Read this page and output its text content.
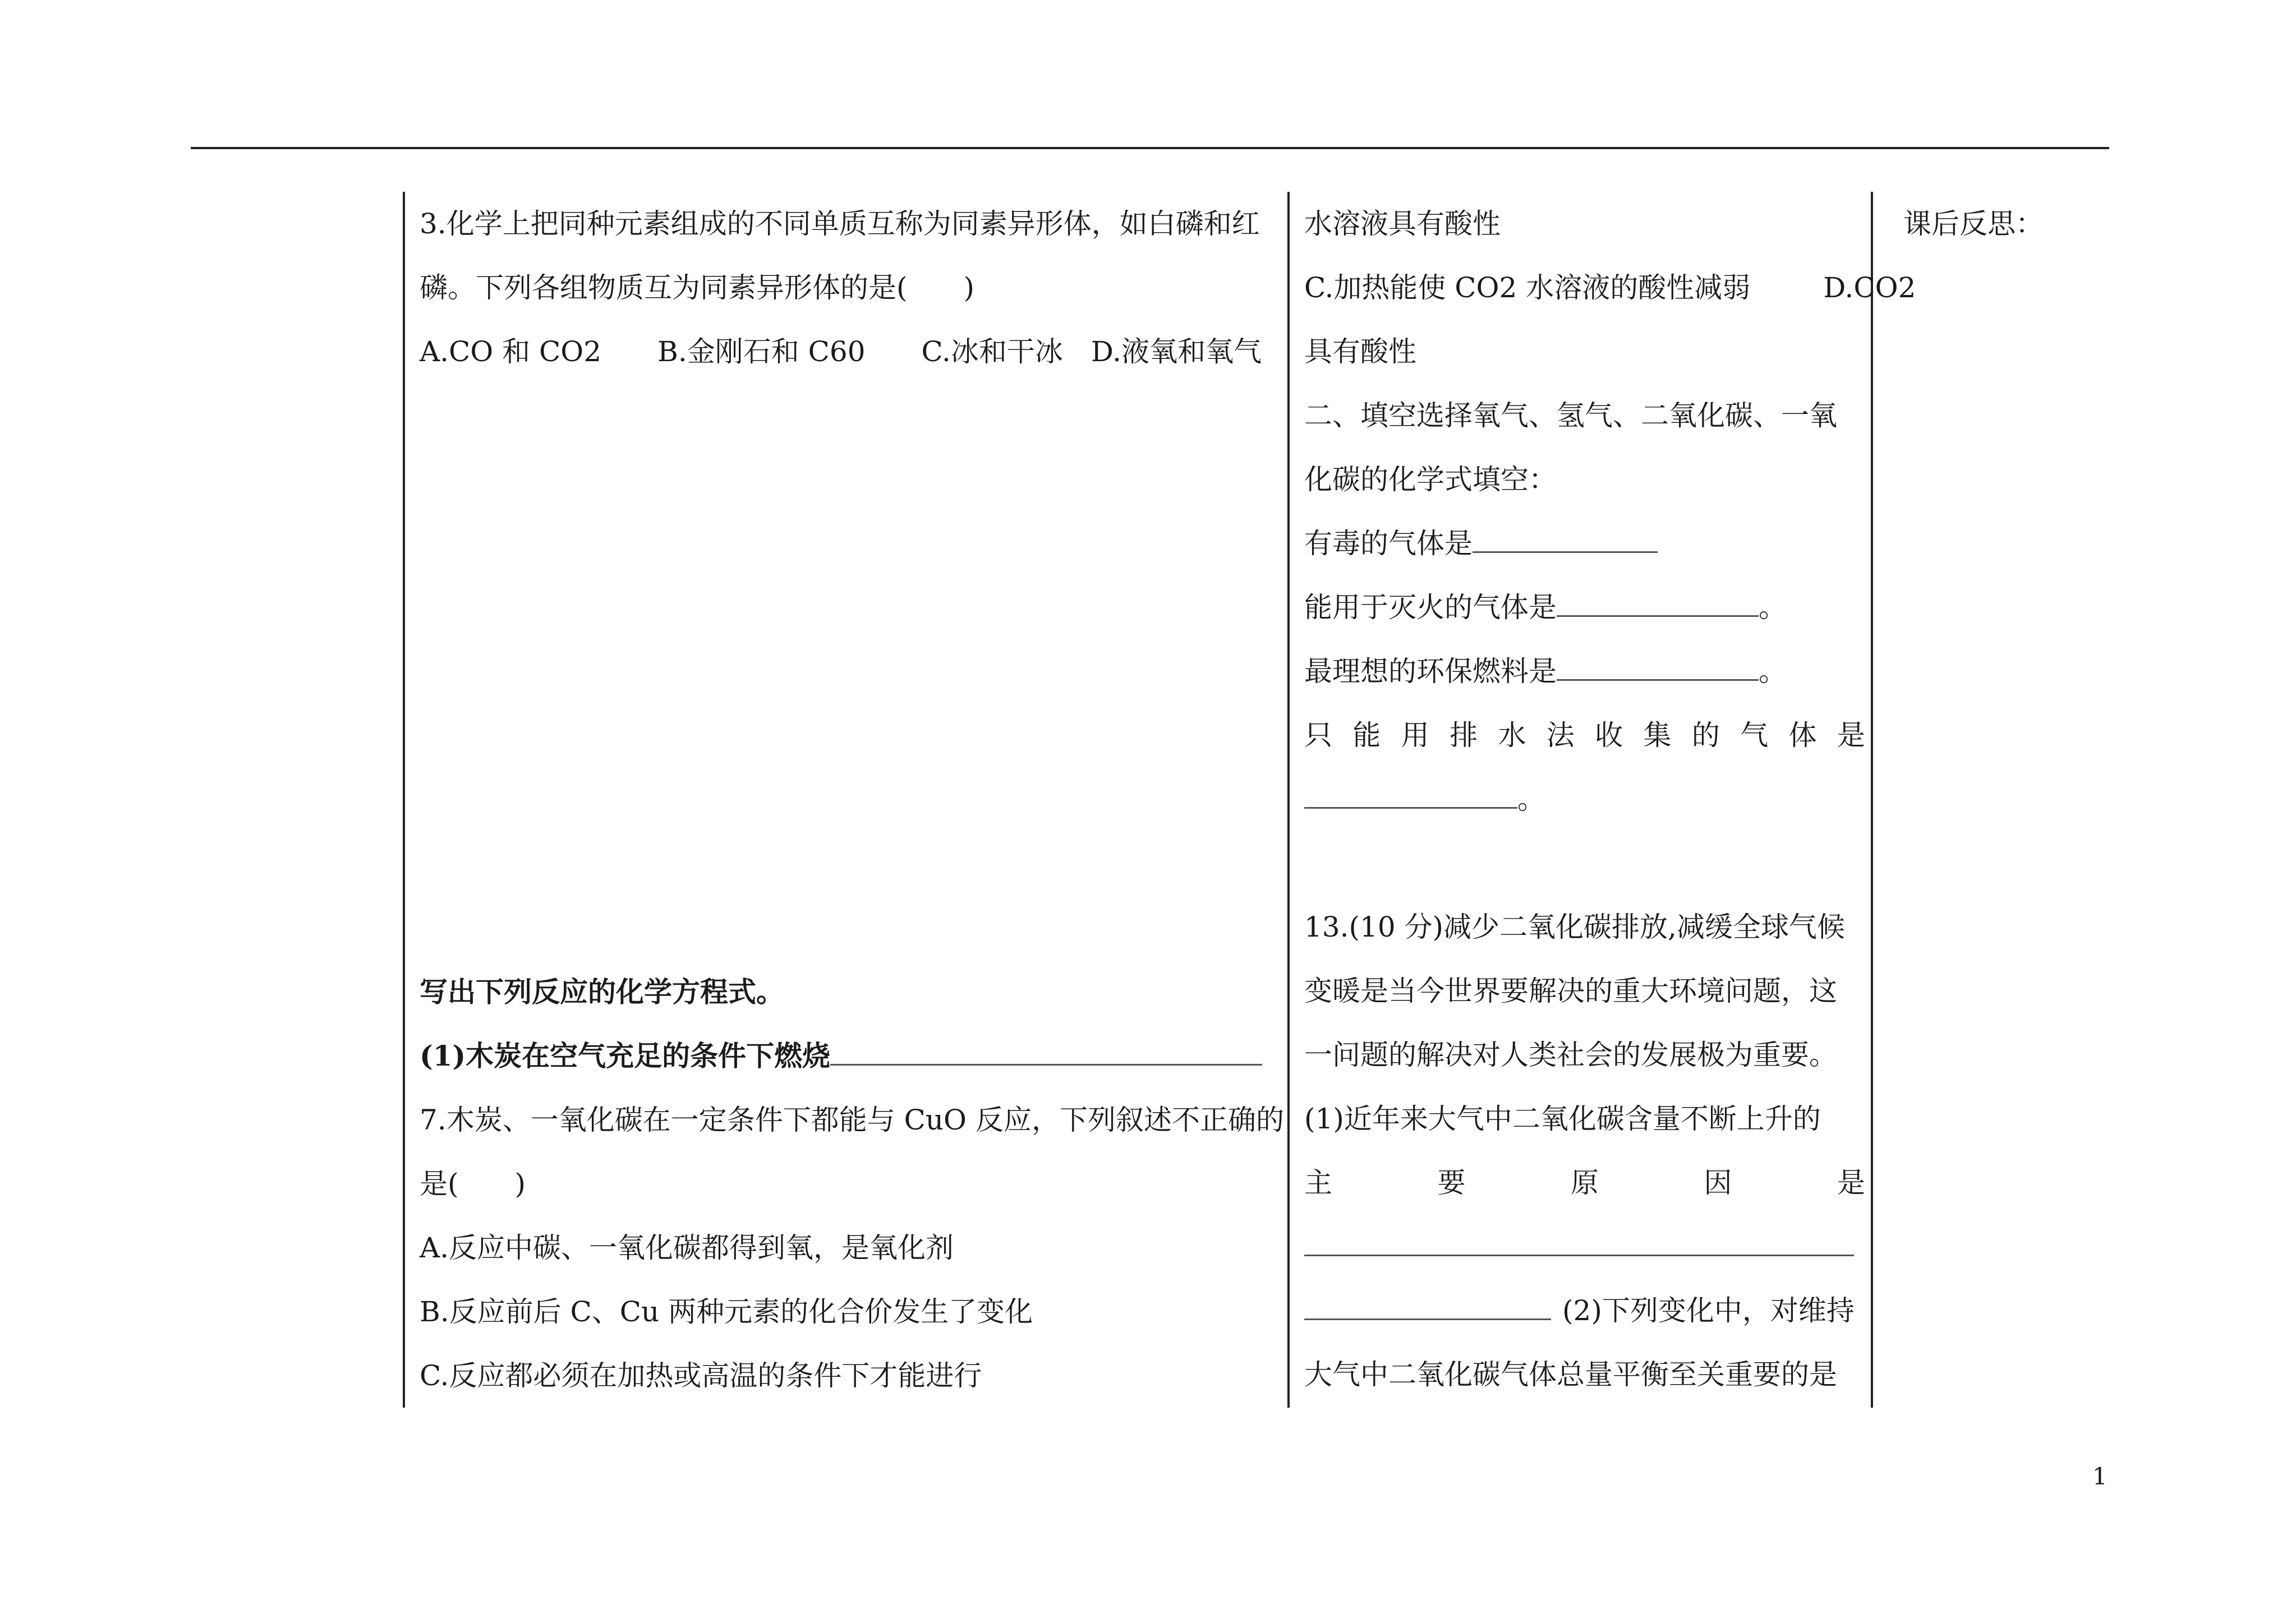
3.化学上把同种元素组成的不同单质互称为同素异形体，如白磷和红
磷。下列各组物质互为同素异形体的是(　　)
A.CO 和 CO2　　B.金刚石和 C60　　C.冰和干冰　D.液氧和氧气
写出下列反应的化学方程式。
(1)木炭在空气充足的条件下燃烧
7.木炭、一氧化碳在一定条件下都能与 CuO 反应，下列叙述不正确的
是(　　)
A.反应中碳、一氧化碳都得到氧，是氧化剂
B.反应前后 C、Cu 两种元素的化合价发生了变化
C.反应都必须在加热或高温的条件下才能进行
水溶液具有酸性
C.加热能使 CO2 水溶液的酸性减弱	D.CO2
具有酸性
二、填空选择氧气、氢气、二氧化碳、一氧
化碳的化学式填空：
有毒的气体是
能用于灭火的气体是	。
最理想的环保燃料是	。
只 能 用 排 水 法 收 集 的 气 体 是
。
13.(10 分)减少二氧化碳排放,减缓全球气候
变暖是当今世界要解决的重大环境问题，这
一问题的解决对人类社会的发展极为重要。
(1)近年来大气中二氧化碳含量不断上升的
主	要	原	因	是
(2)下列变化中，对维持
大气中二氧化碳气体总量平衡至关重要的是
课后反思：
1
